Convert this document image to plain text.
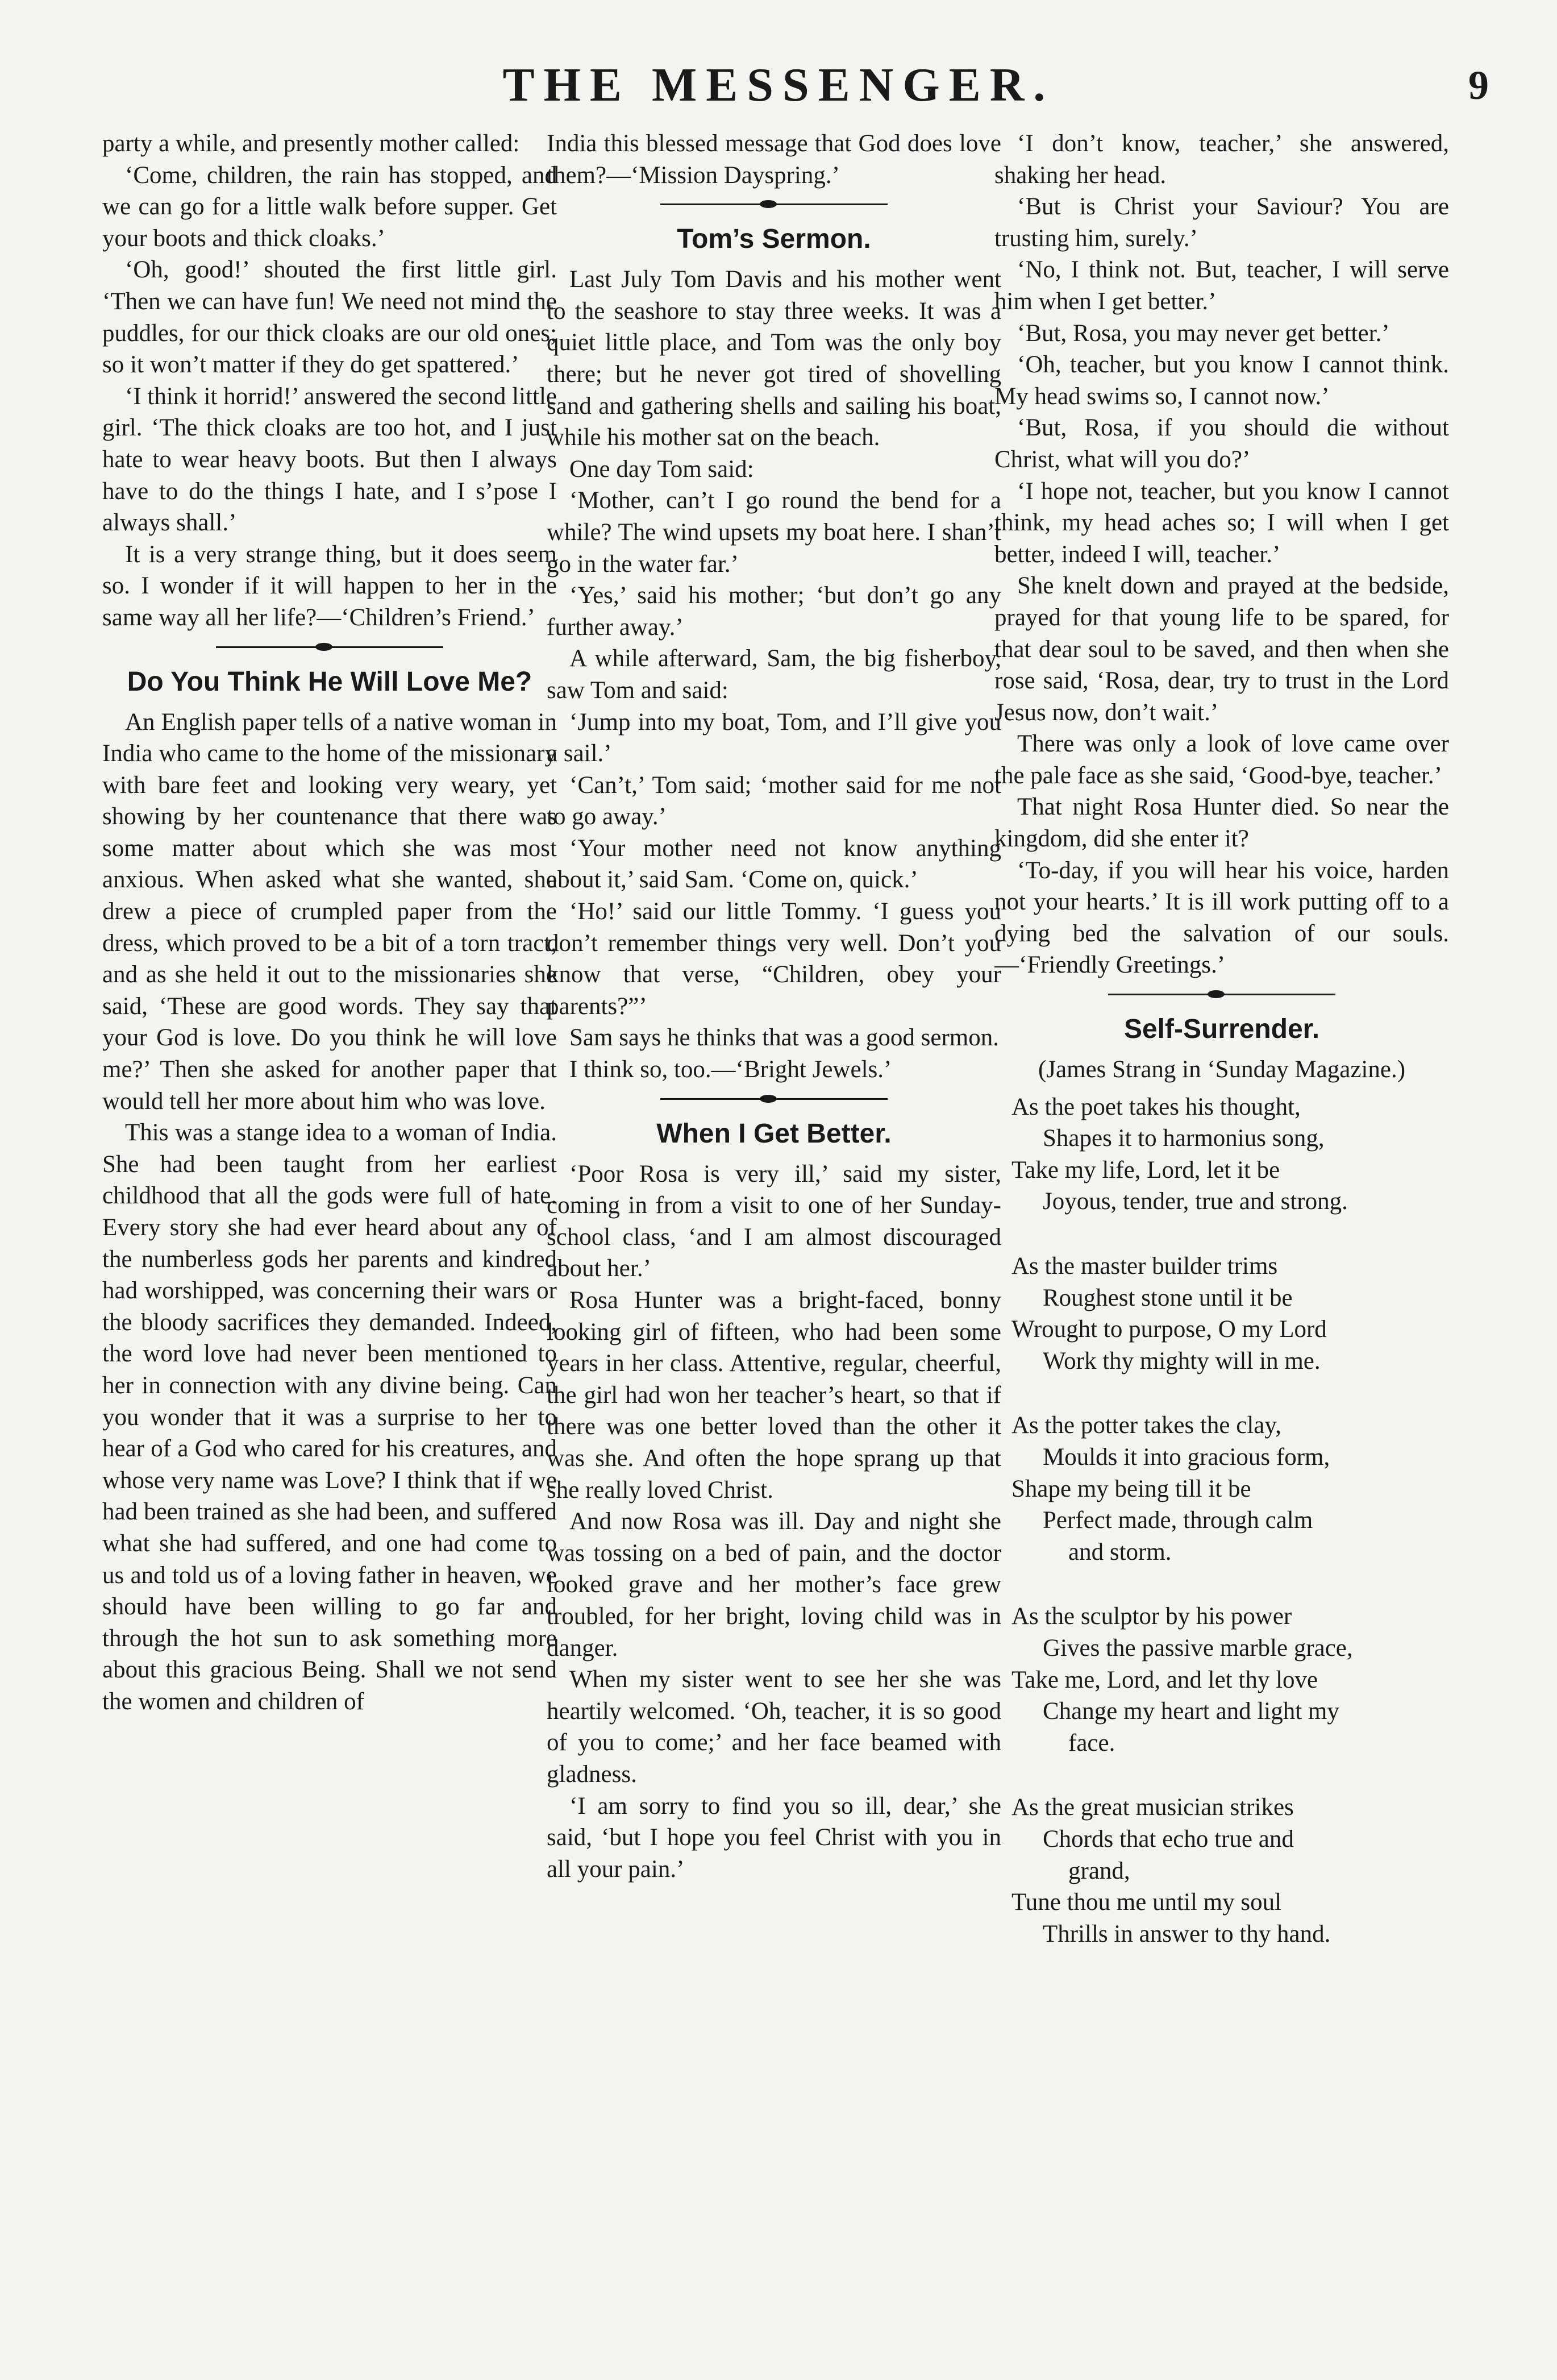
THE MESSENGER.	9

party a while, and presently mother called:

‘Come, children, the rain has stopped, and we can go for a little walk before supper. Get your boots and thick cloaks.’

‘Oh, good!’ shouted the first little girl. ‘Then we can have fun! We need not mind the puddles, for our thick cloaks are our old ones; so it won’t matter if they do get spattered.’

‘I think it horrid!’ answered the second little girl. ‘The thick cloaks are too hot, and I just hate to wear heavy boots. But then I always have to do the things I hate, and I s’pose I always shall.’

It is a very strange thing, but it does seem so. I wonder if it will happen to her in the same way all her life?—‘Children’s Friend.’

Do You Think He Will Love Me?

An English paper tells of a native woman in India who came to the home of the missionary with bare feet and looking very weary, yet showing by her countenance that there was some matter about which she was most anxious. When asked what she wanted, she drew a piece of crumpled paper from the dress, which proved to be a bit of a torn tract, and as she held it out to the missionaries she said, ‘These are good words. They say that your God is love. Do you think he will love me?’ Then she asked for another paper that would tell her more about him who was love.

This was a stange idea to a woman of India. She had been taught from her earliest childhood that all the gods were full of hate. Every story she had ever heard about any of the numberless gods her parents and kindred had worshipped, was concerning their wars or the bloody sacrifices they demanded. Indeed, the word love had never been mentioned to her in connection with any divine being. Can you wonder that it was a surprise to her to hear of a God who cared for his creatures, and whose very name was Love? I think that if we had been trained as she had been, and suffered what she had suffered, and one had come to us and told us of a loving father in heaven, we should have been willing to go far and through the hot sun to ask something more about this gracious Being. Shall we not send the women and children of

India this blessed message that God does love them?—‘Mission Dayspring.’

Tom’s Sermon.

Last July Tom Davis and his mother went to the seashore to stay three weeks. It was a quiet little place, and Tom was the only boy there; but he never got tired of shovelling sand and gathering shells and sailing his boat, while his mother sat on the beach.

One day Tom said:

‘Mother, can’t I go round the bend for a while? The wind upsets my boat here. I shan’t go in the water far.’

‘Yes,’ said his mother; ‘but don’t go any further away.’

A while afterward, Sam, the big fisherboy, saw Tom and said:

‘Jump into my boat, Tom, and I’ll give you a sail.’

‘Can’t,’ Tom said; ‘mother said for me not to go away.’

‘Your mother need not know anything about it,’ said Sam. ‘Come on, quick.’

‘Ho!’ said our little Tommy. ‘I guess you don’t remember things very well. Don’t you know that verse, “Children, obey your parents?”’

Sam says he thinks that was a good sermon.

I think so, too.—‘Bright Jewels.’

When I Get Better.

‘Poor Rosa is very ill,’ said my sister, coming in from a visit to one of her Sunday-school class, ‘and I am almost discouraged about her.’

Rosa Hunter was a bright-faced, bonny looking girl of fifteen, who had been some years in her class. Attentive, regular, cheerful, the girl had won her teacher’s heart, so that if there was one better loved than the other it was she. And often the hope sprang up that she really loved Christ.

And now Rosa was ill. Day and night she was tossing on a bed of pain, and the doctor looked grave and her mother’s face grew troubled, for her bright, loving child was in danger.

When my sister went to see her she was heartily welcomed. ‘Oh, teacher, it is so good of you to come;’ and her face beamed with gladness.

‘I am sorry to find you so ill, dear,’ she said, ‘but I hope you feel Christ with you in all your pain.’

‘I don’t know, teacher,’ she answered, shaking her head.

‘But is Christ your Saviour? You are trusting him, surely.’

‘No, I think not. But, teacher, I will serve him when I get better.’

‘But, Rosa, you may never get better.’

‘Oh, teacher, but you know I cannot think. My head swims so, I cannot now.’

‘But, Rosa, if you should die without Christ, what will you do?’

‘I hope not, teacher, but you know I cannot think, my head aches so; I will when I get better, indeed I will, teacher.’

She knelt down and prayed at the bedside, prayed for that young life to be spared, for that dear soul to be saved, and then when she rose said, ‘Rosa, dear, try to trust in the Lord Jesus now, don’t wait.’

There was only a look of love came over the pale face as she said, ‘Good-bye, teacher.’

That night Rosa Hunter died. So near the kingdom, did she enter it?

‘To-day, if you will hear his voice, harden not your hearts.’ It is ill work putting off to a dying bed the salvation of our souls.—‘Friendly Greetings.’

Self-Surrender.

(James Strang in ‘Sunday Magazine.)

As the poet takes his thought,
Shapes it to harmonius song,
Take my life, Lord, let it be
Joyous, tender, true and strong.
As the master builder trims
Roughest stone until it be
Wrought to purpose, O my Lord
Work thy mighty will in me.
As the potter takes the clay,
Moulds it into gracious form,
Shape my being till it be
Perfect made, through calm
and storm.
As the sculptor by his power
Gives the passive marble grace,
Take me, Lord, and let thy love
Change my heart and light my
face.
As the great musician strikes
Chords that echo true and
grand,
Tune thou me until my soul
Thrills in answer to thy hand.
